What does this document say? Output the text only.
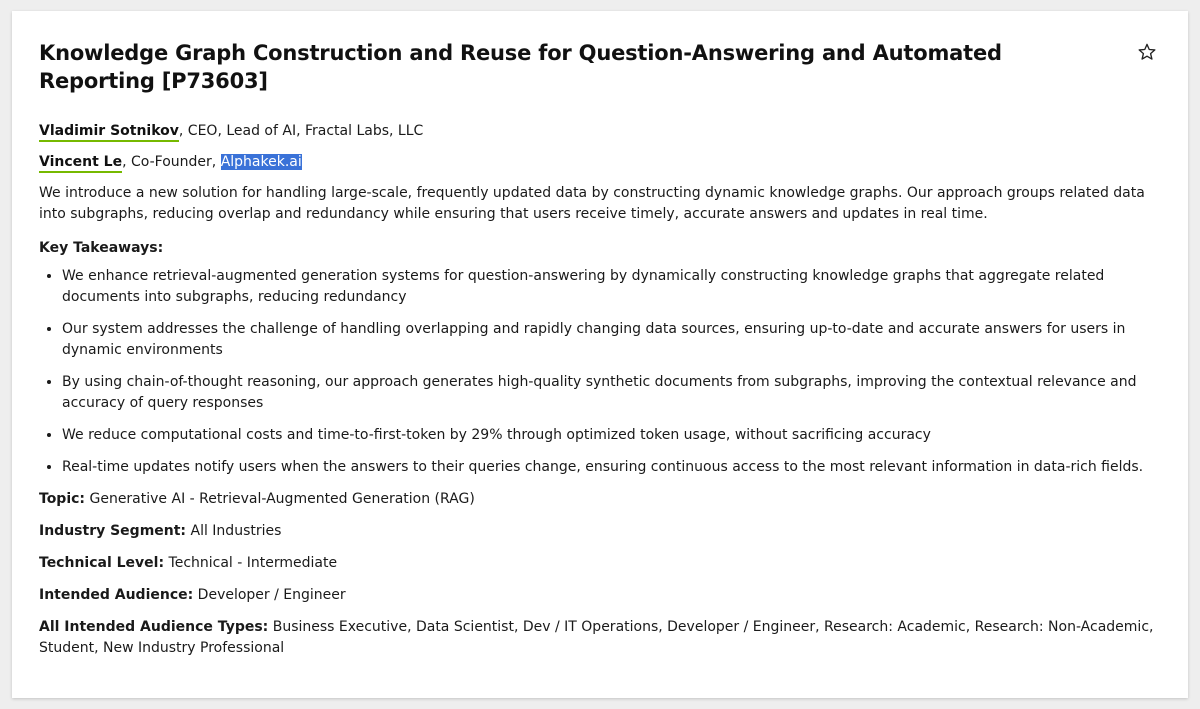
Knowledge Graph Construction and Reuse for Question-Answering and Automated Reporting [P73603]
Vladimir Sotnikov, CEO, Lead of AI, Fractal Labs, LLC
Vincent Le, Co-Founder, Alphakek.ai

We introduce a new solution for handling large-scale, frequently updated data by constructing dynamic knowledge graphs. Our approach groups related data into subgraphs, reducing overlap and redundancy while ensuring that users receive timely, accurate answers and updates in real time.

Key Takeaways:
• We enhance retrieval-augmented generation systems for question-answering by dynamically constructing knowledge graphs that aggregate related documents into subgraphs, reducing redundancy
• Our system addresses the challenge of handling overlapping and rapidly changing data sources, ensuring up-to-date and accurate answers for users in dynamic environments
• By using chain-of-thought reasoning, our approach generates high-quality synthetic documents from subgraphs, improving the contextual relevance and accuracy of query responses
• We reduce computational costs and time-to-first-token by 29% through optimized token usage, without sacrificing accuracy
• Real-time updates notify users when the answers to their queries change, ensuring continuous access to the most relevant information in data-rich fields.
Topic: Generative AI - Retrieval-Augmented Generation (RAG)
Industry Segment: All Industries
Technical Level: Technical - Intermediate
Intended Audience: Developer / Engineer
All Intended Audience Types: Business Executive, Data Scientist, Dev / IT Operations, Developer / Engineer, Research: Academic, Research: Non-Academic, Student, New Industry Professional
